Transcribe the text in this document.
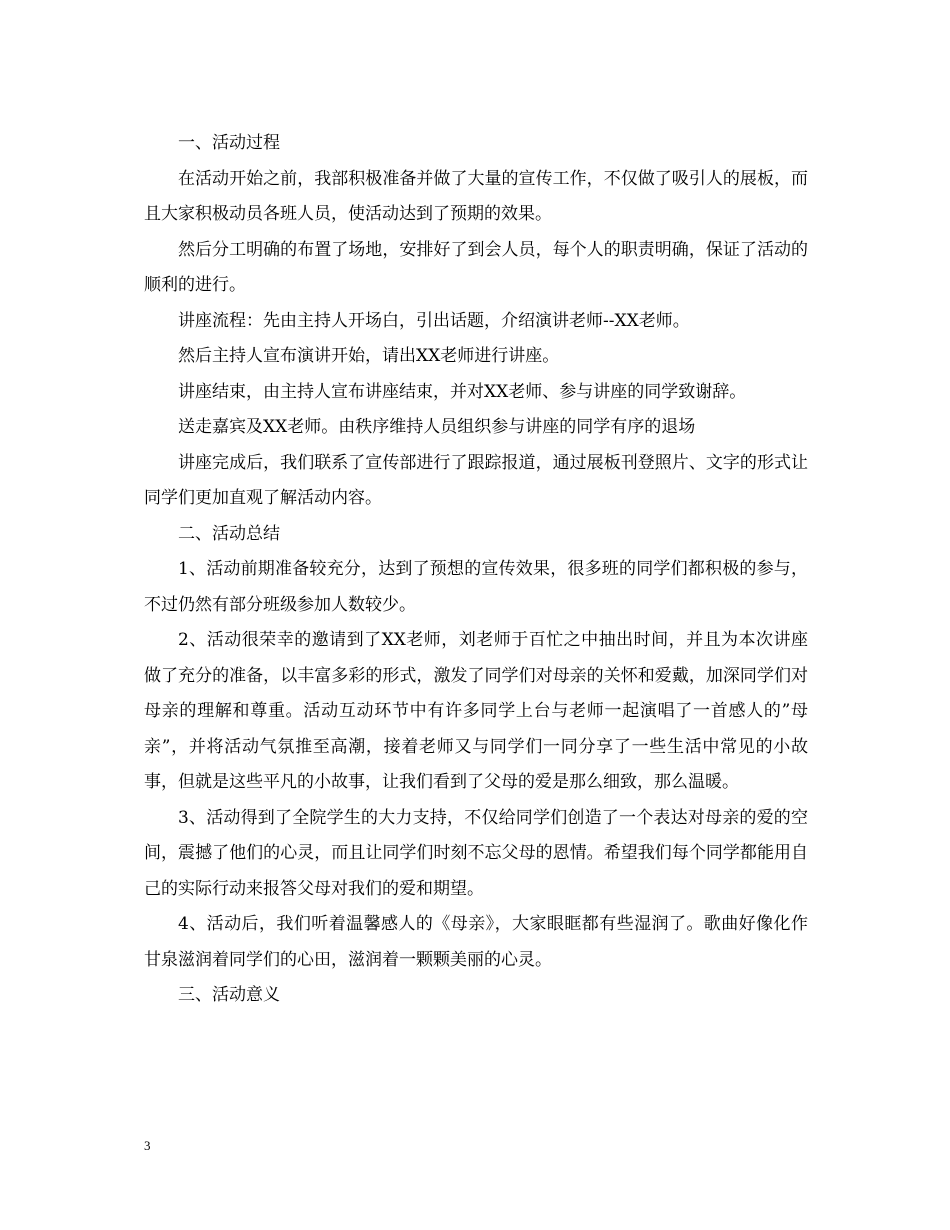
一、活动过程

在活动开始之前，我部积极准备并做了大量的宣传工作，不仅做了吸引人的展板，而且大家积极动员各班人员，使活动达到了预期的效果。

然后分工明确的布置了场地，安排好了到会人员，每个人的职责明确，保证了活动的顺利的进行。

讲座流程：先由主持人开场白，引出话题，介绍演讲老师--XX老师。

然后主持人宣布演讲开始，请出XX老师进行讲座。

讲座结束，由主持人宣布讲座结束，并对XX老师、参与讲座的同学致谢辞。

送走嘉宾及XX老师。由秩序维持人员组织参与讲座的同学有序的退场

讲座完成后，我们联系了宣传部进行了跟踪报道，通过展板刊登照片、文字的形式让同学们更加直观了解活动内容。

二、活动总结

1、活动前期准备较充分，达到了预想的宣传效果，很多班的同学们都积极的参与，不过仍然有部分班级参加人数较少。

2、活动很荣幸的邀请到了XX老师，刘老师于百忙之中抽出时间，并且为本次讲座做了充分的准备，以丰富多彩的形式，激发了同学们对母亲的关怀和爱戴，加深同学们对母亲的理解和尊重。活动互动环节中有许多同学上台与老师一起演唱了一首感人的”母亲”，并将活动气氛推至高潮，接着老师又与同学们一同分享了一些生活中常见的小故事，但就是这些平凡的小故事，让我们看到了父母的爱是那么细致，那么温暖。

3、活动得到了全院学生的大力支持，不仅给同学们创造了一个表达对母亲的爱的空间，震撼了他们的心灵，而且让同学们时刻不忘父母的恩情。希望我们每个同学都能用自己的实际行动来报答父母对我们的爱和期望。

4、活动后，我们听着温馨感人的《母亲》，大家眼眶都有些湿润了。歌曲好像化作甘泉滋润着同学们的心田，滋润着一颗颗美丽的心灵。

三、活动意义

3
